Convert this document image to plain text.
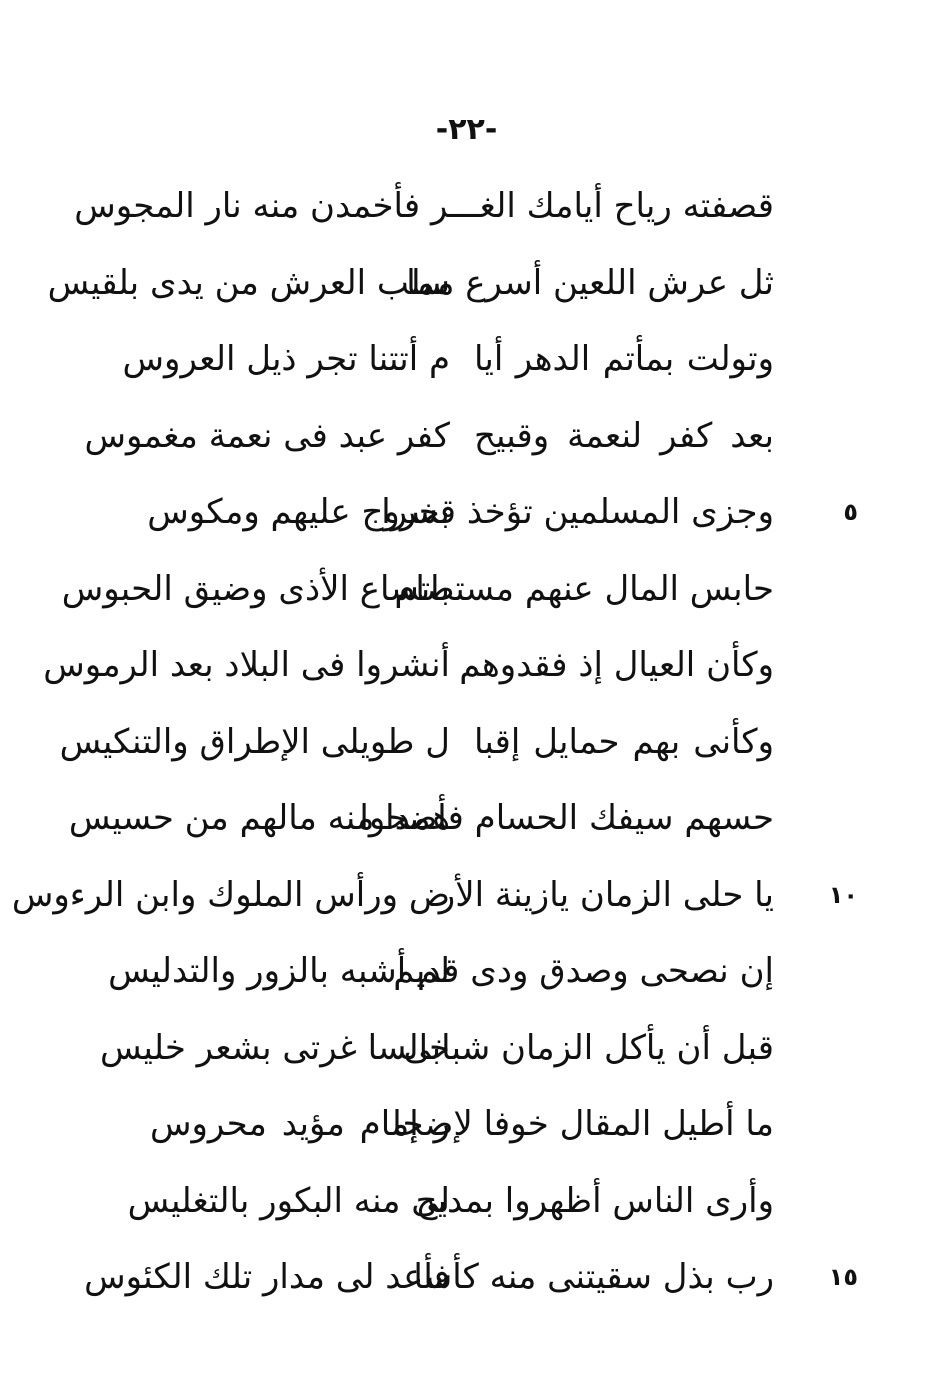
-٢٢-
قصفته رياح أيامك الغـــر فأخمدن منه نار المجوس
ثل عرش اللعين أسرع مما
سلب العرش من يدى بلقيس
وتولت بمأتم الدهر أيا
م أتتنا تجر ذيل العروس
بعد كفر لنعمة وقبيح
كفر عبد فى نعمة مغموس
وجزى المسلمين تؤخذ قسرا
بخروج عليهم ومكوس	٥
حابس المال عنهم مستضام
باتساع الأذى وضيق الحبوس
وكأن العيال إذ فقدوهم
أنشروا فى البلاد بعد الرموس
وكأنى بهم حمايل إقبا
ل طويلى الإطراق والتنكيس
حسهم سيفك الحسام فأضحوا
همدا منه مالهم من حسيس
يا حلى الزمان يازينة الأر
ض ورأس الملوك وابن الرءوس	١٠
إن نصحى وصدق ودى قديم
لم أشبه بالزور والتدليس
قبل أن يأكل الزمان شبابى
خالسا غرتى بشعر خليس
ما أطيل المقال خوفا لإضجا
ر إمام مؤيد محروس
وأرى الناس أظهروا بمديح
لى منه البكور بالتغليس
رب بذل سقيتنى منه كأسا
فأعد لى مدار تلك الكئوس	١٥
